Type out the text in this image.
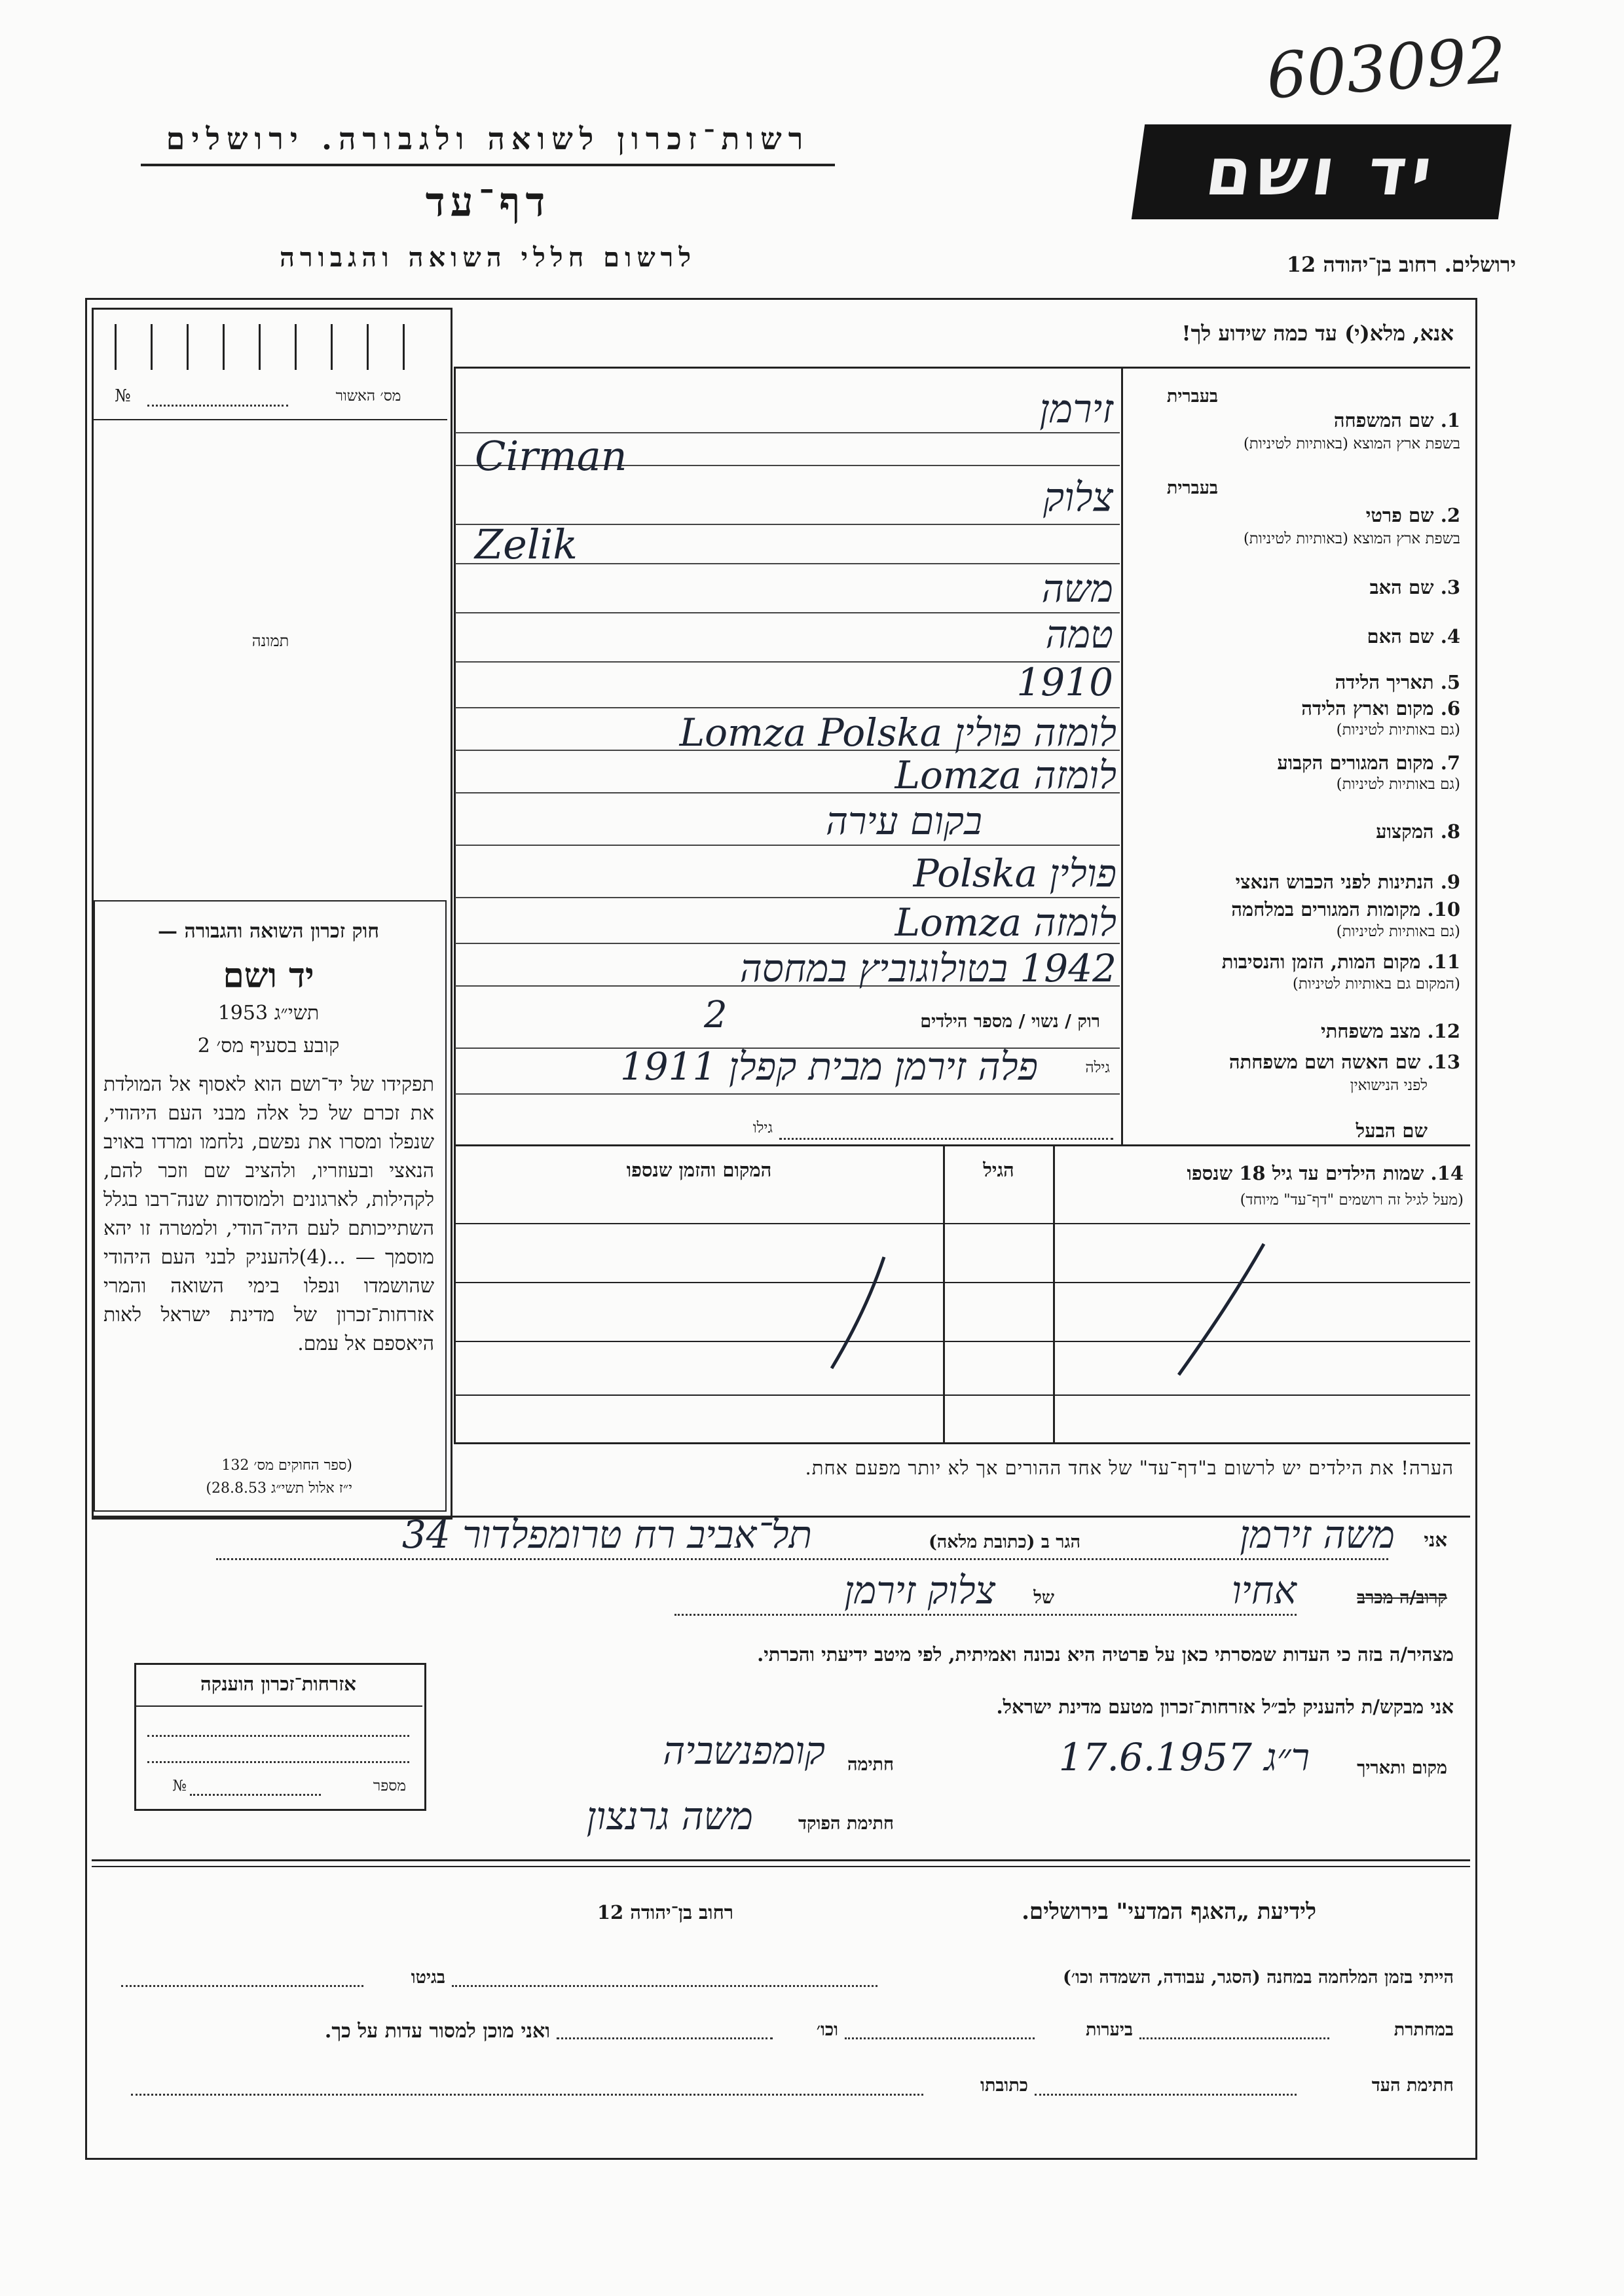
603092
רשות־זכרון לשואה ולגבורה. ירושלים
דף־עד
לרשום חללי השואה והגבורה
יד ושם
ירושלים. רחוב בן־יהודה 12
№	מס׳ האשור
תמונה
חוק זכרון השואה והגבורה —
יד ושם
תשי״ג 1953
קובע בסעיף מס׳ 2
תפקידו של יד־ושם הוא לאסוף אל המולדת את זכרם של כל אלה מבני העם היהודי, שנפלו ומסרו את נפשם, נלחמו ומרדו באויב הנאצי ובעוזריו, ולהציב שם וזכר להם, לקהילות, לארגונים ולמוסדות שנה־רבו בגלל השתייכותם לעם היה־הודי, ולמטרה זו יהא מוסמך — ...(4)להעניק לבני העם היהודי שהושמדו ונפלו בימי השואה והמרי אזרחות־זכרון של מדינת ישראל לאות היאספם אל עמם.
(ספר החוקים מס׳ 132
י״ז אלול תשי״ג 28.8.53)
אנא, מלא(י) עד כמה שידוע לך!
בעברית
1. שם המשפחה
בשפת ארץ המוצא (באותיות לטיניות)
בעברית
2. שם פרטי
בשפת ארץ המוצא (באותיות לטיניות)
3. שם האב
4. שם האם
5. תאריך הלידה
6. מקום וארץ הלידה
(גם באותיות לטיניות)
7. מקום המגורים הקבוע
(גם באותיות לטיניות)
8. המקצוע
9. הנתינות לפני הכבוש הנאצי
10. מקומות המגורים במלחמה
(גם באותיות לטיניות)
11. מקום המות, הזמן והנסיבות
(המקום גם באותיות לטיניות)
12. מצב משפחתי
13. שם האשה ושם משפחתה
לפני הנישואין
שם הבעל
זירמן
Cirman
צלוק
Zelik
משה
טמה
1910
לומזה פולין Lomza Polska
לומזה Lomza
בקום עירה
פולין Polska
לומזה Lomza
1942 בטולוגוביץ במחסה
רוק / נשוי / מספר הילדים
2
פלה זירמן מבית קפלן 1911	גילה
גילו
14. שמות הילדים עד גיל 18 שנספו
(מעל לגיל זה רושמים "דף־עד" מיוחד)
הגיל
המקום והזמן שנספו
הערה! את הילדים יש לרשום ב"דף־עד" של אחד ההורים אך לא יותר מפעם אחת.
אני
משה זירמן
הגר ב (כתובת מלאה)
תל־אביב רח טרומפלדור 34
קרוב/ה מכרב
אחיו
של
צלוק זירמן
מצהיר/ה בזה כי העדות שמסרתי כאן על פרטיה היא נכונה ואמיתית, לפי מיטב ידיעתי והכרתי.
אני מבקש/ת להעניק לב״ל אזרחות־זכרון מטעם מדינת ישראל.
מקום ותאריך
ר״ג 17.6.1957
חתימה
קומפנשביה
חתימת הפוקד
משה גרנצון
אזרחות־זכרון הוענקה
מספר
№
לידיעת „האגף המדעי" בירושלים.
רחוב בן־יהודה 12
הייתי בזמן המלחמה במחנה (הסגר, עבודה, השמדה וכו׳)
בגיטו
במחתרת
ביערות
וכו׳
ואני מוכן למסור עדות על כך.
חתימת העד
כתובתו
